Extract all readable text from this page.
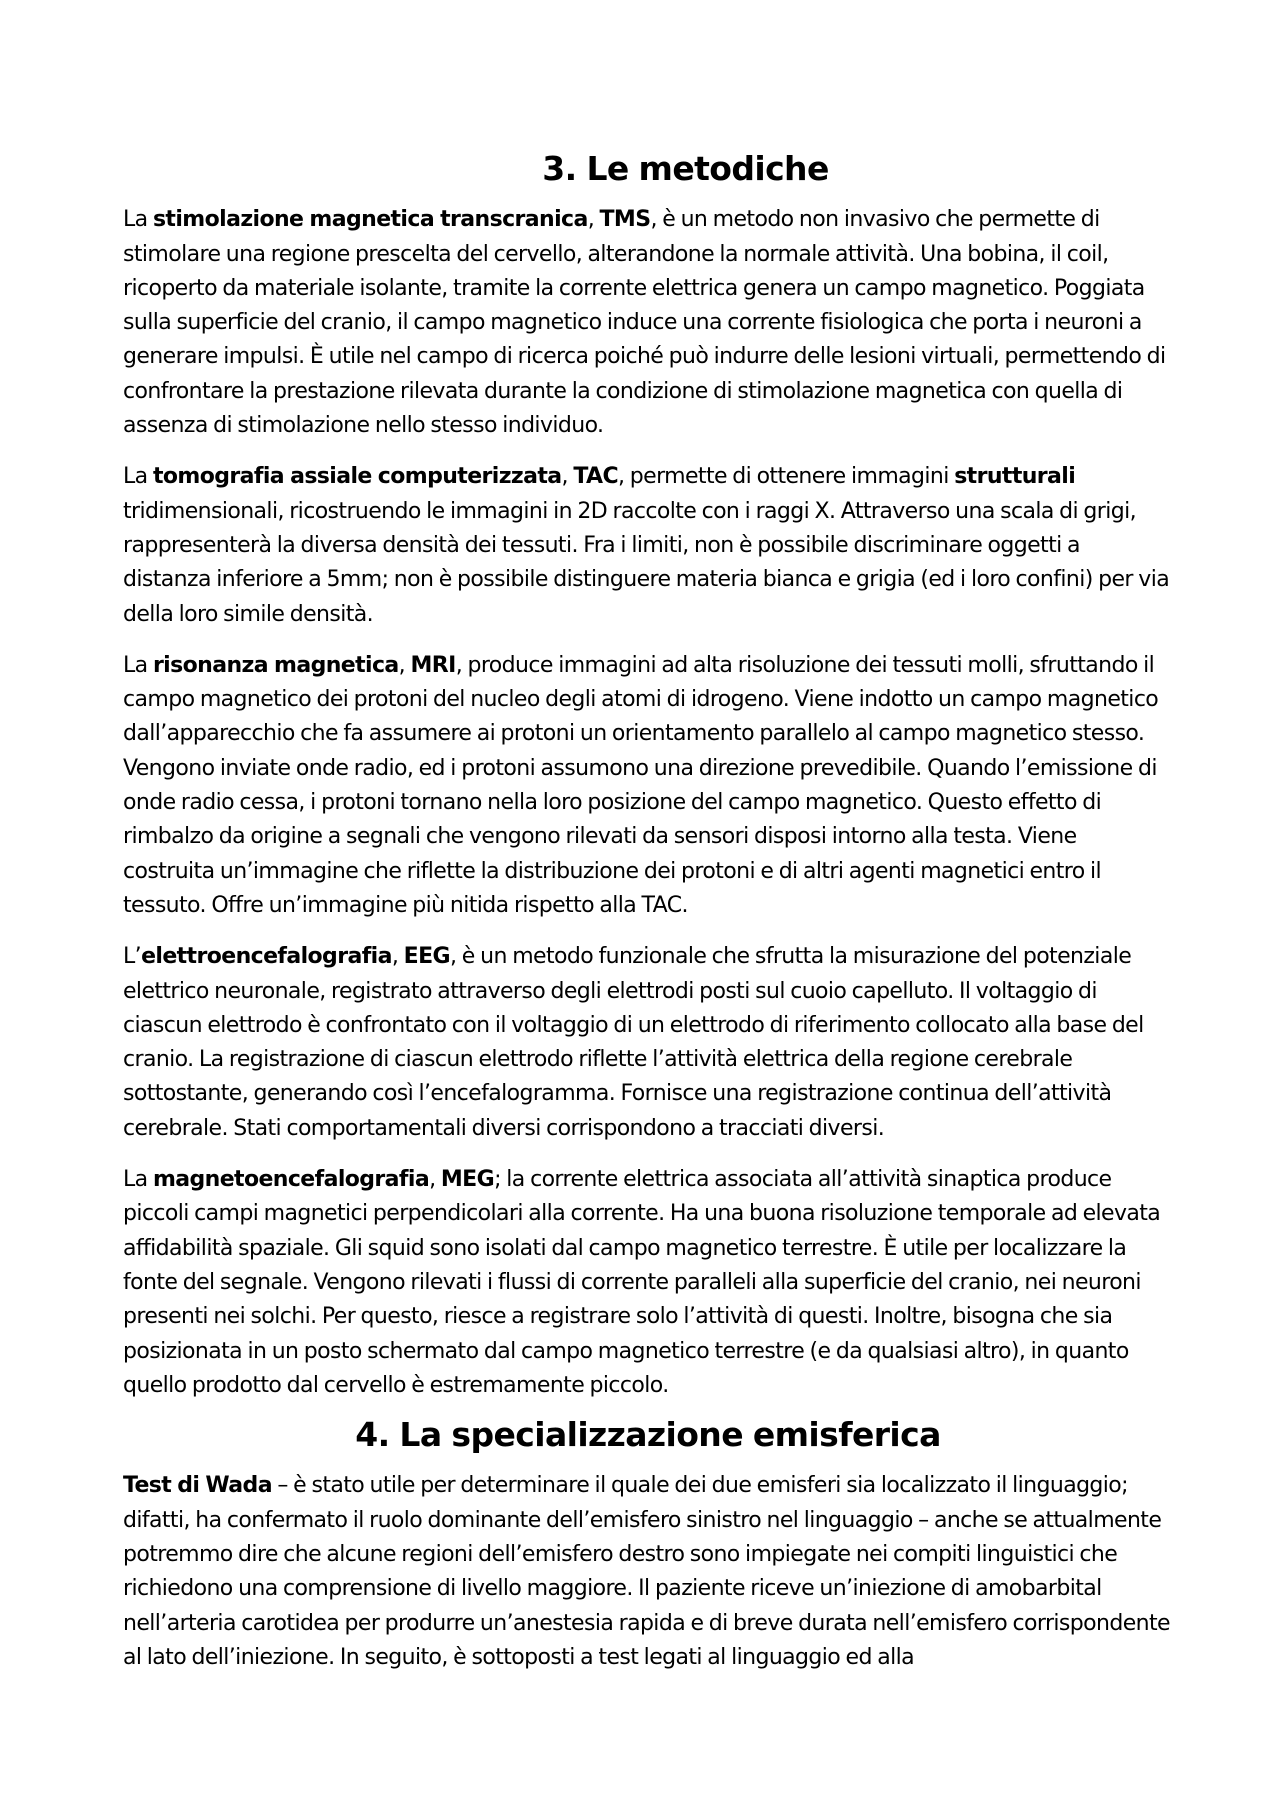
3. Le metodiche

La stimolazione magnetica transcranica, TMS, è un metodo non invasivo che permette di stimolare una regione prescelta del cervello, alterandone la normale attività. Una bobina, il coil, ricoperto da materiale isolante, tramite la corrente elettrica genera un campo magnetico. Poggiata sulla superficie del cranio, il campo magnetico induce una corrente fisiologica che porta i neuroni a generare impulsi. È utile nel campo di ricerca poiché può indurre delle lesioni virtuali, permettendo di confrontare la prestazione rilevata durante la condizione di stimolazione magnetica con quella di assenza di stimolazione nello stesso individuo.

La tomografia assiale computerizzata, TAC, permette di ottenere immagini strutturali tridimensionali, ricostruendo le immagini in 2D raccolte con i raggi X. Attraverso una scala di grigi, rappresenterà la diversa densità dei tessuti. Fra i limiti, non è possibile discriminare oggetti a distanza inferiore a 5mm; non è possibile distinguere materia bianca e grigia (ed i loro confini) per via della loro simile densità.

La risonanza magnetica, MRI, produce immagini ad alta risoluzione dei tessuti molli, sfruttando il campo magnetico dei protoni del nucleo degli atomi di idrogeno. Viene indotto un campo magnetico dall’apparecchio che fa assumere ai protoni un orientamento parallelo al campo magnetico stesso. Vengono inviate onde radio, ed i protoni assumono una direzione prevedibile. Quando l’emissione di onde radio cessa, i protoni tornano nella loro posizione del campo magnetico. Questo effetto di rimbalzo da origine a segnali che vengono rilevati da sensori disposi intorno alla testa. Viene costruita un’immagine che riflette la distribuzione dei protoni e di altri agenti magnetici entro il tessuto. Offre un’immagine più nitida rispetto alla TAC.

L’elettroencefalografia, EEG, è un metodo funzionale che sfrutta la misurazione del potenziale elettrico neuronale, registrato attraverso degli elettrodi posti sul cuoio capelluto. Il voltaggio di ciascun elettrodo è confrontato con il voltaggio di un elettrodo di riferimento collocato alla base del cranio. La registrazione di ciascun elettrodo riflette l’attività elettrica della regione cerebrale sottostante, generando così l’encefalogramma. Fornisce una registrazione continua dell’attività cerebrale. Stati comportamentali diversi corrispondono a tracciati diversi.

La magnetoencefalografia, MEG; la corrente elettrica associata all’attività sinaptica produce piccoli campi magnetici perpendicolari alla corrente. Ha una buona risoluzione temporale ad elevata affidabilità spaziale. Gli squid sono isolati dal campo magnetico terrestre. È utile per localizzare la fonte del segnale. Vengono rilevati i flussi di corrente paralleli alla superficie del cranio, nei neuroni presenti nei solchi. Per questo, riesce a registrare solo l’attività di questi. Inoltre, bisogna che sia posizionata in un posto schermato dal campo magnetico terrestre (e da qualsiasi altro), in quanto quello prodotto dal cervello è estremamente piccolo.

4. La specializzazione emisferica

Test di Wada – è stato utile per determinare il quale dei due emisferi sia localizzato il linguaggio; difatti, ha confermato il ruolo dominante dell’emisfero sinistro nel linguaggio – anche se attualmente potremmo dire che alcune regioni dell’emisfero destro sono impiegate nei compiti linguistici che richiedono una comprensione di livello maggiore. Il paziente riceve un’iniezione di amobarbital nell’arteria carotidea per produrre un’anestesia rapida e di breve durata nell’emisfero corrispondente al lato dell’iniezione. In seguito, è sottoposti a test legati al linguaggio ed alla
